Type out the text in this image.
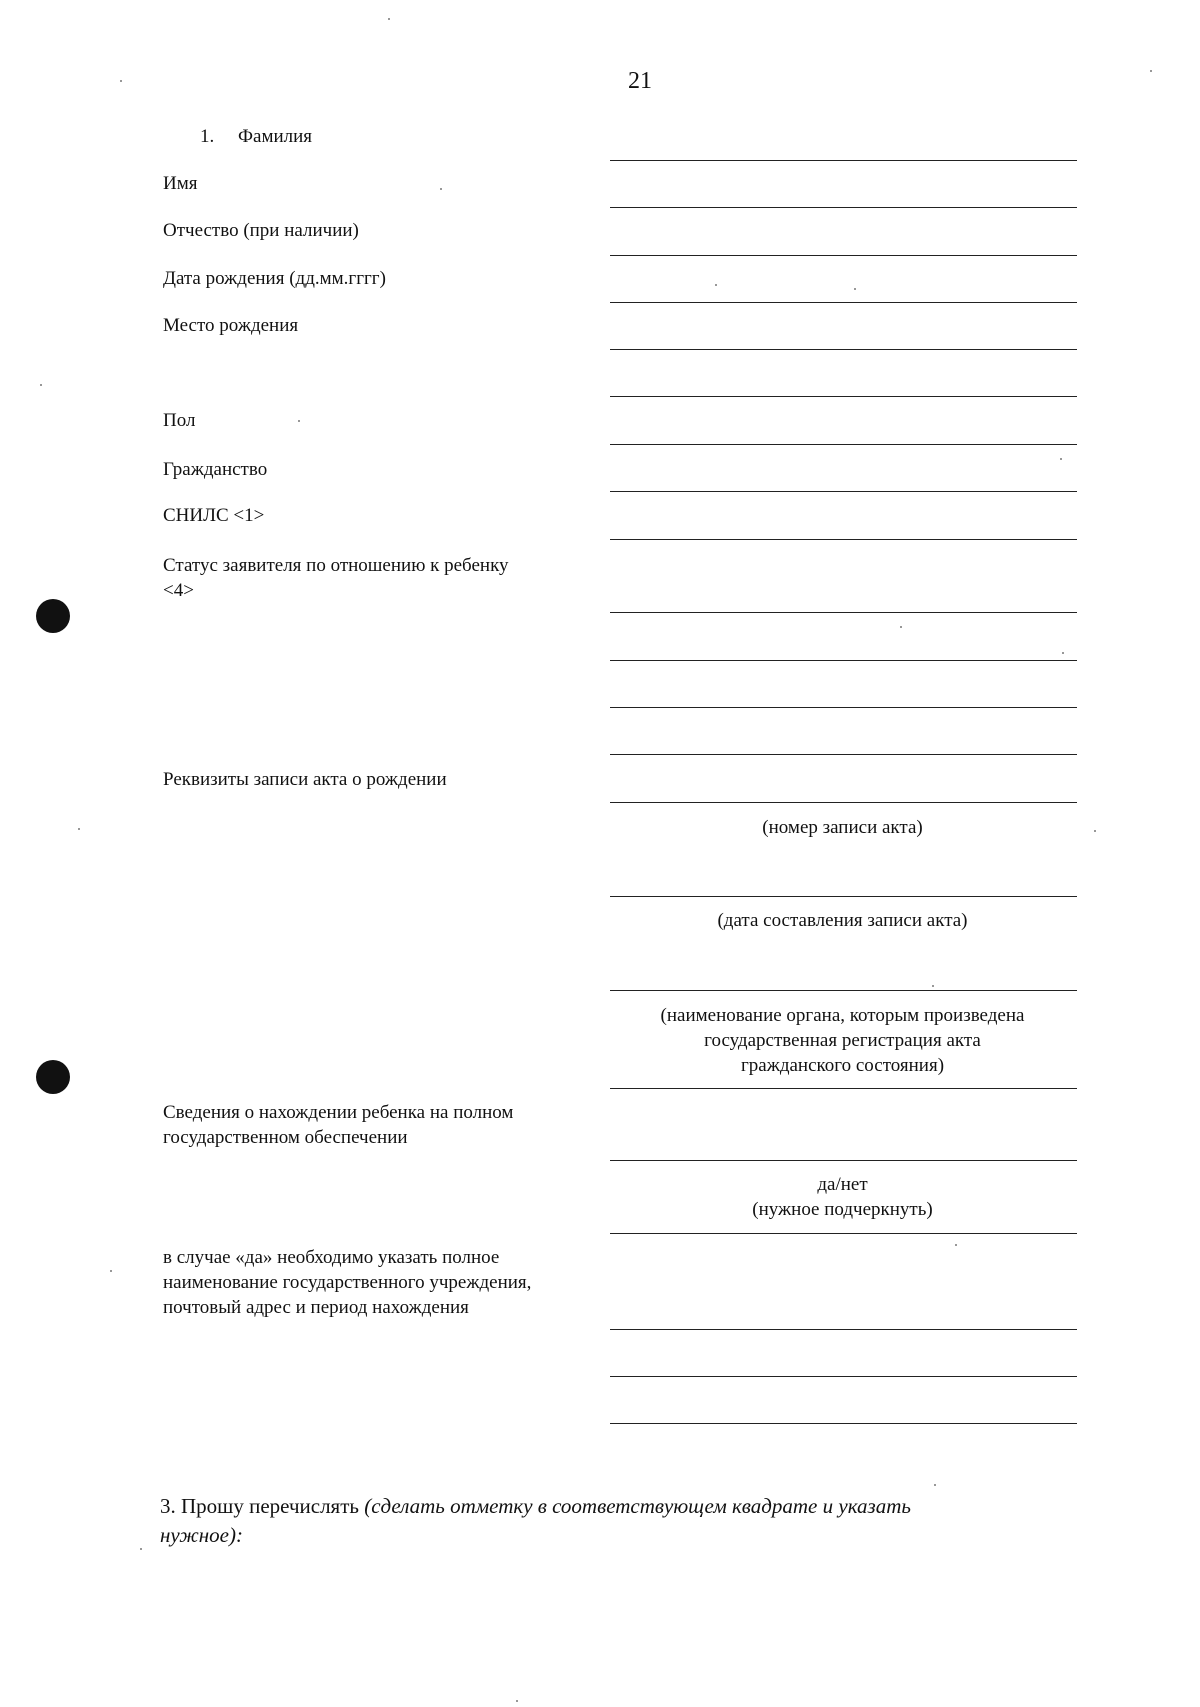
21
1. Фамилия
Имя
Отчество (при наличии)
Дата рождения (дд.мм.гггг)
Место рождения
Пол
Гражданство
СНИЛС <1>
Статус заявителя по отношению к ребенку
<4>
Реквизиты записи акта о рождении
Сведения о нахождении ребенка на полном
государственном обеспечении
в случае «да» необходимо указать полное
наименование государственного учреждения,
почтовый адрес и период нахождения
(номер записи акта)
(дата составления записи акта)
(наименование органа, которым произведена
государственная регистрация акта
гражданского состояния)
да/нет
(нужное подчеркнуть)
3. Прошу перечислять (сделать отметку в соответствующем квадрате и указать
нужное):
